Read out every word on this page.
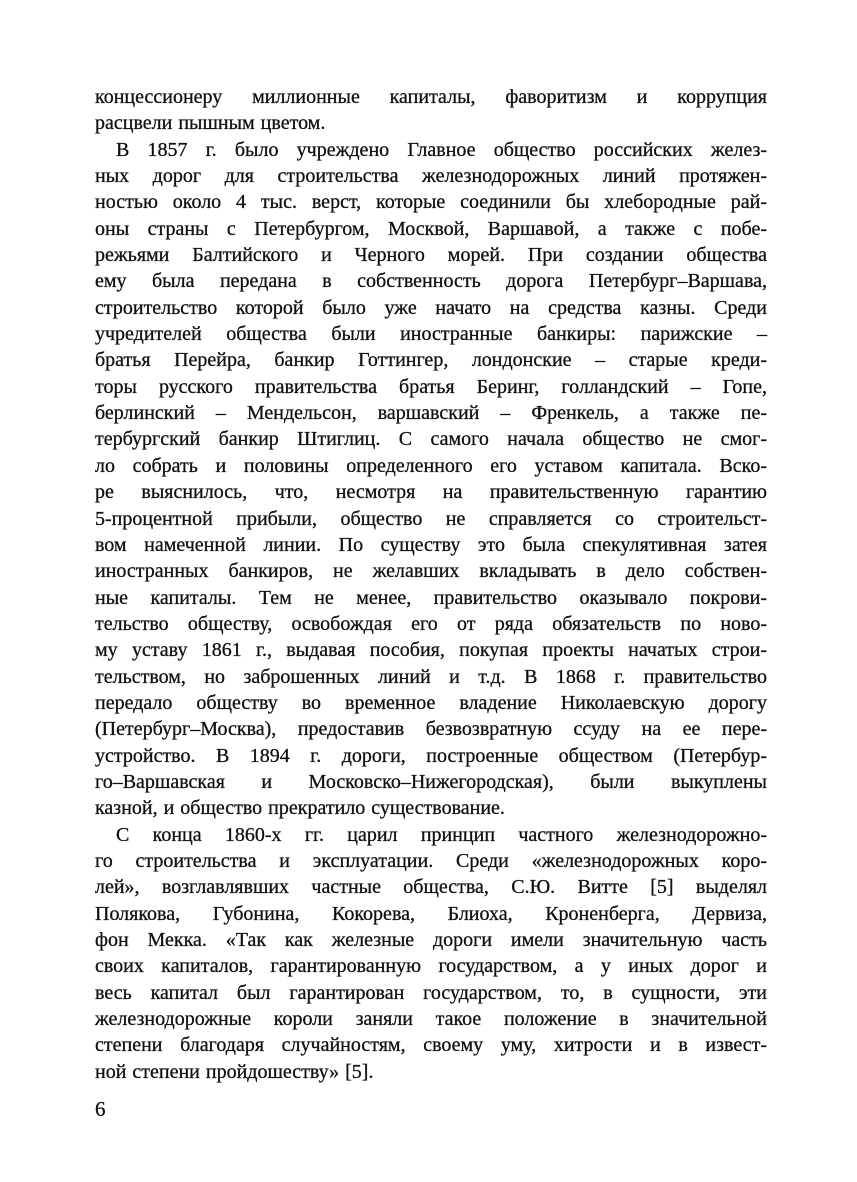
концессионеру миллионные капиталы, фаворитизм и коррупция
расцвели пышным цветом.
В 1857 г. было учреждено Главное общество российских желез-
ных дорог для строительства железнодорожных линий протяжен-
ностью около 4 тыс. верст, которые соединили бы хлебородные рай-
оны страны с Петербургом, Москвой, Варшавой, а также с побе-
режьями Балтийского и Черного морей. При создании общества
ему была передана в собственность дорога Петербург–Варшава,
строительство которой было уже начато на средства казны. Среди
учредителей общества были иностранные банкиры: парижские –
братья Перейра, банкир Готтингер, лондонские – старые креди-
торы русского правительства братья Беринг, голландский – Гопе,
берлинский – Мендельсон, варшавский – Френкель, а также пе-
тербургский банкир Штиглиц. С самого начала общество не смог-
ло собрать и половины определенного его уставом капитала. Вско-
ре выяснилось, что, несмотря на правительственную гарантию
5-процентной прибыли, общество не справляется со строительст-
вом намеченной линии. По существу это была спекулятивная затея
иностранных банкиров, не желавших вкладывать в дело собствен-
ные капиталы. Тем не менее, правительство оказывало покрови-
тельство обществу, освобождая его от ряда обязательств по ново-
му уставу 1861 г., выдавая пособия, покупая проекты начатых строи-
тельством, но заброшенных линий и т.д. В 1868 г. правительство
передало обществу во временное владение Николаевскую дорогу
(Петербург–Москва), предоставив безвозвратную ссуду на ее пере-
устройство. В 1894 г. дороги, построенные обществом (Петербур-
го–Варшавская и Московско–Нижегородская), были выкуплены
казной, и общество прекратило существование.
С конца 1860-х гг. царил принцип частного железнодорожно-
го строительства и эксплуатации. Среди «железнодорожных коро-
лей», возглавлявших частные общества, С.Ю. Витте [5] выделял
Полякова, Губонина, Кокорева, Блиоха, Кроненберга, Дервиза,
фон Мекка. «Так как железные дороги имели значительную часть
своих капиталов, гарантированную государством, а у иных дорог и
весь капитал был гарантирован государством, то, в сущности, эти
железнодорожные короли заняли такое положение в значительной
степени благодаря случайностям, своему уму, хитрости и в извест-
ной степени пройдошеству» [5].
6
